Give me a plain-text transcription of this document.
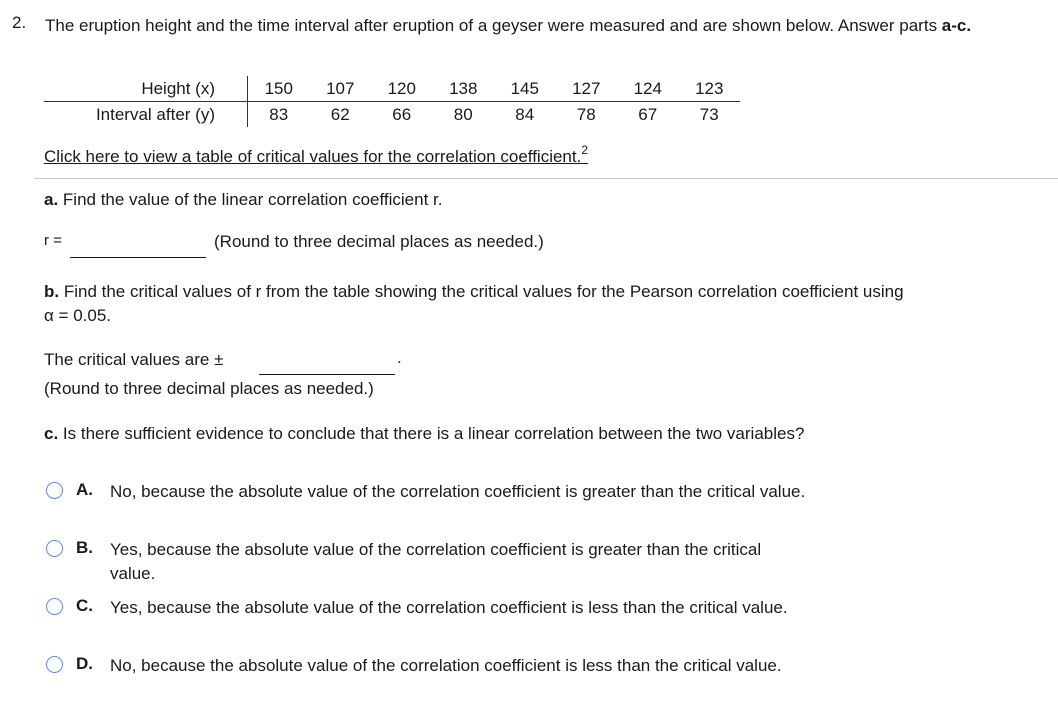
2. The eruption height and the time interval after eruption of a geyser were measured and are shown below. Answer parts a-c.
Height (x)		150	107	120	138	145	127	124	123
Interval after (y)		83	62	66	80	84	78	67	73
Click here to view a table of critical values for the correlation coefficient.$^2$
a. Find the value of the linear correlation coefficient r.
r =	(Round to three decimal places as needed.)
b. Find the critical values of r from the table showing the critical values for the Pearson correlation coefficient using
α = 0.05.
The critical values are ±	.
(Round to three decimal places as needed.)
c. Is there sufficient evidence to conclude that there is a linear correlation between the two variables?
A. No, because the absolute value of the correlation coefficient is greater than the critical value.
B. Yes, because the absolute value of the correlation coefficient is greater than the critical value.
C. Yes, because the absolute value of the correlation coefficient is less than the critical value.
D. No, because the absolute value of the correlation coefficient is less than the critical value.
